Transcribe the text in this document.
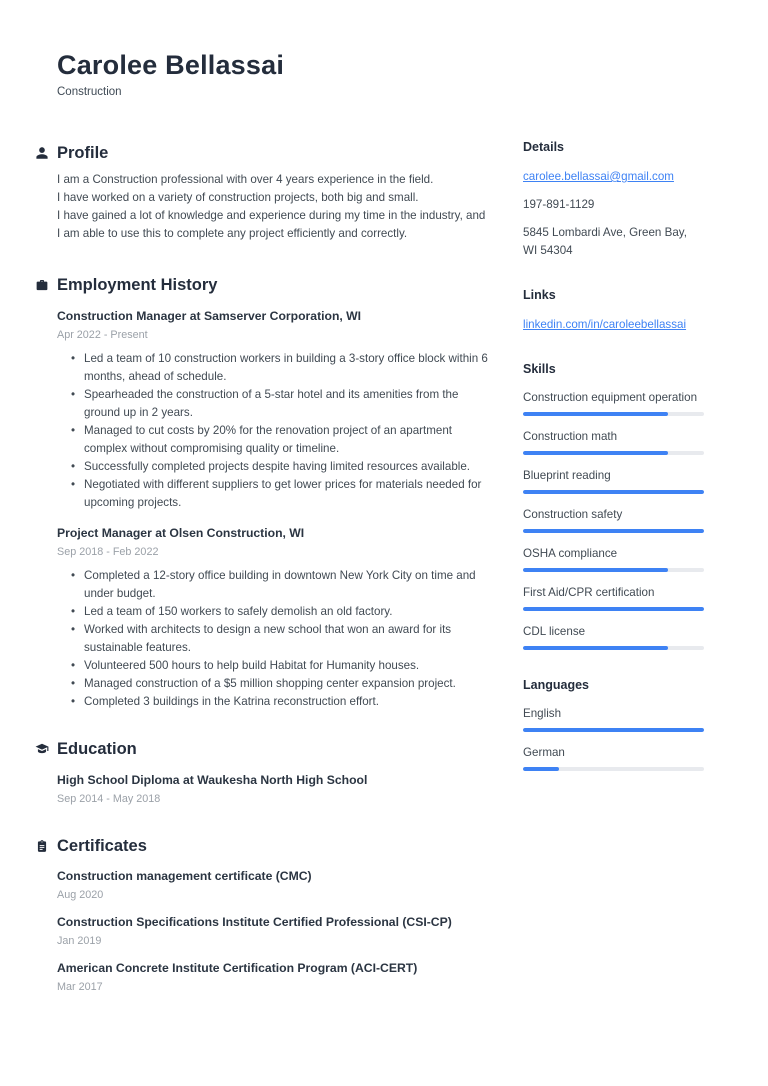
Carolee Bellassai
Construction
Profile

I am a Construction professional with over 4 years experience in the field.
I have worked on a variety of construction projects, both big and small.
I have gained a lot of knowledge and experience during my time in the industry, and I am able to use this to complete any project efficiently and correctly.

Employment History
Construction Manager at Samserver Corporation, WI
Apr 2022 - Present
• Led a team of 10 construction workers in building a 3-story office block within 6 months, ahead of schedule.
• Spearheaded the construction of a 5-star hotel and its amenities from the ground up in 2 years.
• Managed to cut costs by 20% for the renovation project of an apartment complex without compromising quality or timeline.
• Successfully completed projects despite having limited resources available.
• Negotiated with different suppliers to get lower prices for materials needed for upcoming projects.
Project Manager at Olsen Construction, WI
Sep 2018 - Feb 2022
• Completed a 12-story office building in downtown New York City on time and under budget.
• Led a team of 150 workers to safely demolish an old factory.
• Worked with architects to design a new school that won an award for its sustainable features.
• Volunteered 500 hours to help build Habitat for Humanity houses.
• Managed construction of a $5 million shopping center expansion project.
• Completed 3 buildings in the Katrina reconstruction effort.
Education
High School Diploma at Waukesha North High School
Sep 2014 - May 2018
Certificates
Construction management certificate (CMC)
Aug 2020
Construction Specifications Institute Certified Professional (CSI-CP)
Jan 2019
American Concrete Institute Certification Program (ACI-CERT)
Mar 2017
Details
carolee.bellassai@gmail.com
197-891-1129
5845 Lombardi Ave, Green Bay, WI 54304
Links
linkedin.com/in/caroleebellassai
Skills
Construction equipment operation
Construction math
Blueprint reading
Construction safety
OSHA compliance
First Aid/CPR certification
CDL license
Languages
English
German
